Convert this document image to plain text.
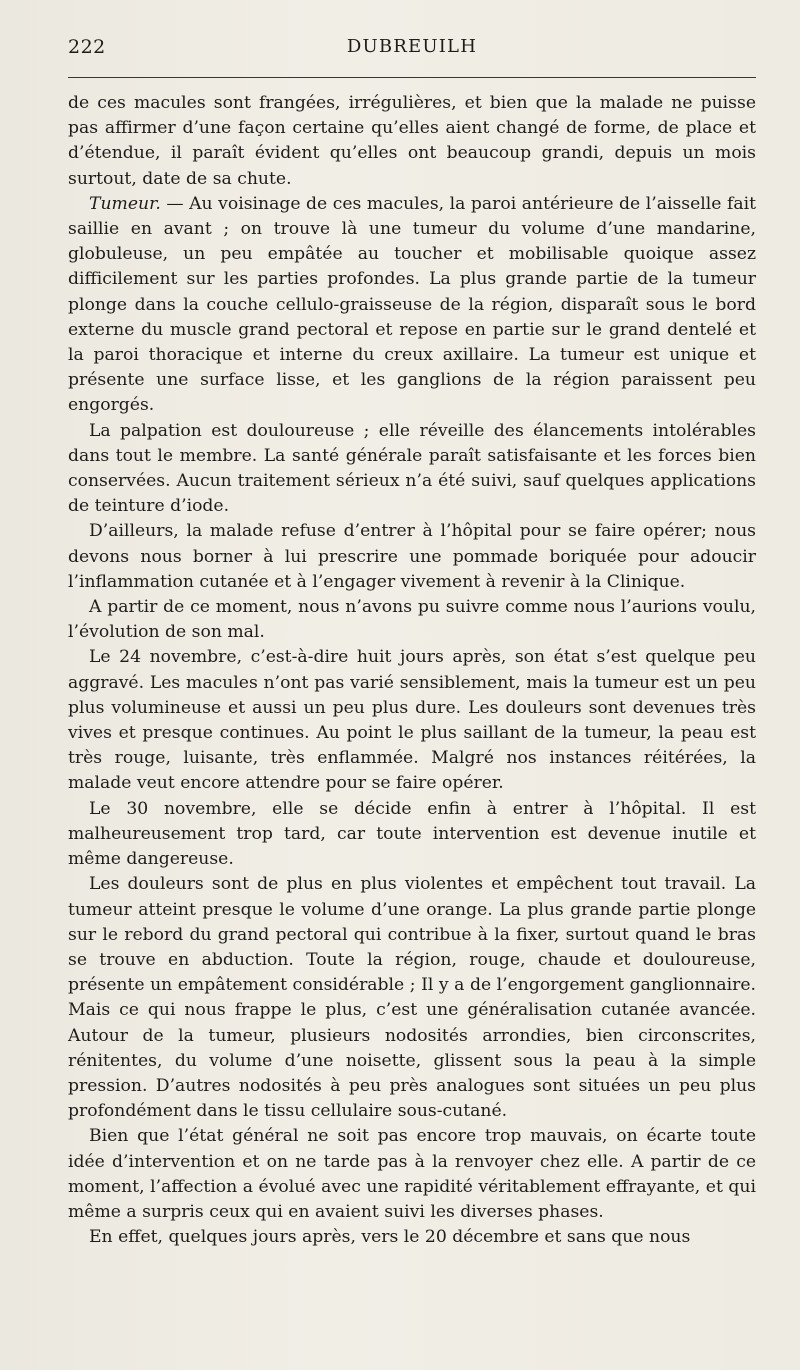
222	DUBREUILH

de ces macules sont frangées, irrégulières, et bien que la malade ne puisse pas affirmer d’une façon certaine qu’elles aient changé de forme, de place et d’étendue, il paraît évident qu’elles ont beaucoup grandi, depuis un mois surtout, date de sa chute.

Tumeur. — Au voisinage de ces macules, la paroi antérieure de l’aisselle fait saillie en avant ; on trouve là une tumeur du volume d’une mandarine, globuleuse, un peu empâtée au toucher et mobilisable quoique assez difficilement sur les parties profondes. La plus grande partie de la tumeur plonge dans la couche cellulo-graisseuse de la région, disparaît sous le bord externe du muscle grand pectoral et repose en partie sur le grand dentelé et la paroi thoracique et interne du creux axillaire. La tumeur est unique et présente une surface lisse, et les ganglions de la région paraissent peu engorgés.

La palpation est douloureuse ; elle réveille des élancements intolérables dans tout le membre. La santé générale paraît satisfaisante et les forces bien conservées. Aucun traitement sérieux n’a été suivi, sauf quelques applications de teinture d’iode.

D’ailleurs, la malade refuse d’entrer à l’hôpital pour se faire opérer; nous devons nous borner à lui prescrire une pommade boriquée pour adoucir l’inflammation cutanée et à l’engager vivement à revenir à la Clinique.

A partir de ce moment, nous n’avons pu suivre comme nous l’aurions voulu, l’évolution de son mal.

Le 24 novembre, c’est-à-dire huit jours après, son état s’est quelque peu aggravé. Les macules n’ont pas varié sensiblement, mais la tumeur est un peu plus volumineuse et aussi un peu plus dure. Les douleurs sont devenues très vives et presque continues. Au point le plus saillant de la tumeur, la peau est très rouge, luisante, très enflammée. Malgré nos instances réitérées, la malade veut encore attendre pour se faire opérer.

Le 30 novembre, elle se décide enfin à entrer à l’hôpital. Il est malheureusement trop tard, car toute intervention est devenue inutile et même dangereuse.

Les douleurs sont de plus en plus violentes et empêchent tout travail. La tumeur atteint presque le volume d’une orange. La plus grande partie plonge sur le rebord du grand pectoral qui contribue à la fixer, surtout quand le bras se trouve en abduction. Toute la région, rouge, chaude et douloureuse, présente un empâtement considérable ; Il y a de l’engorgement ganglionnaire. Mais ce qui nous frappe le plus, c’est une généralisation cutanée avancée. Autour de la tumeur, plusieurs nodosités arrondies, bien circonscrites, rénitentes, du volume d’une noisette, glissent sous la peau à la simple pression. D’autres nodosités à peu près analogues sont situées un peu plus profondément dans le tissu cellulaire sous-cutané.

Bien que l’état général ne soit pas encore trop mauvais, on écarte toute idée d’intervention et on ne tarde pas à la renvoyer chez elle. A partir de ce moment, l’affection a évolué avec une rapidité véritablement effrayante, et qui même a surpris ceux qui en avaient suivi les diverses phases.

En effet, quelques jours après, vers le 20 décembre et sans que nous
